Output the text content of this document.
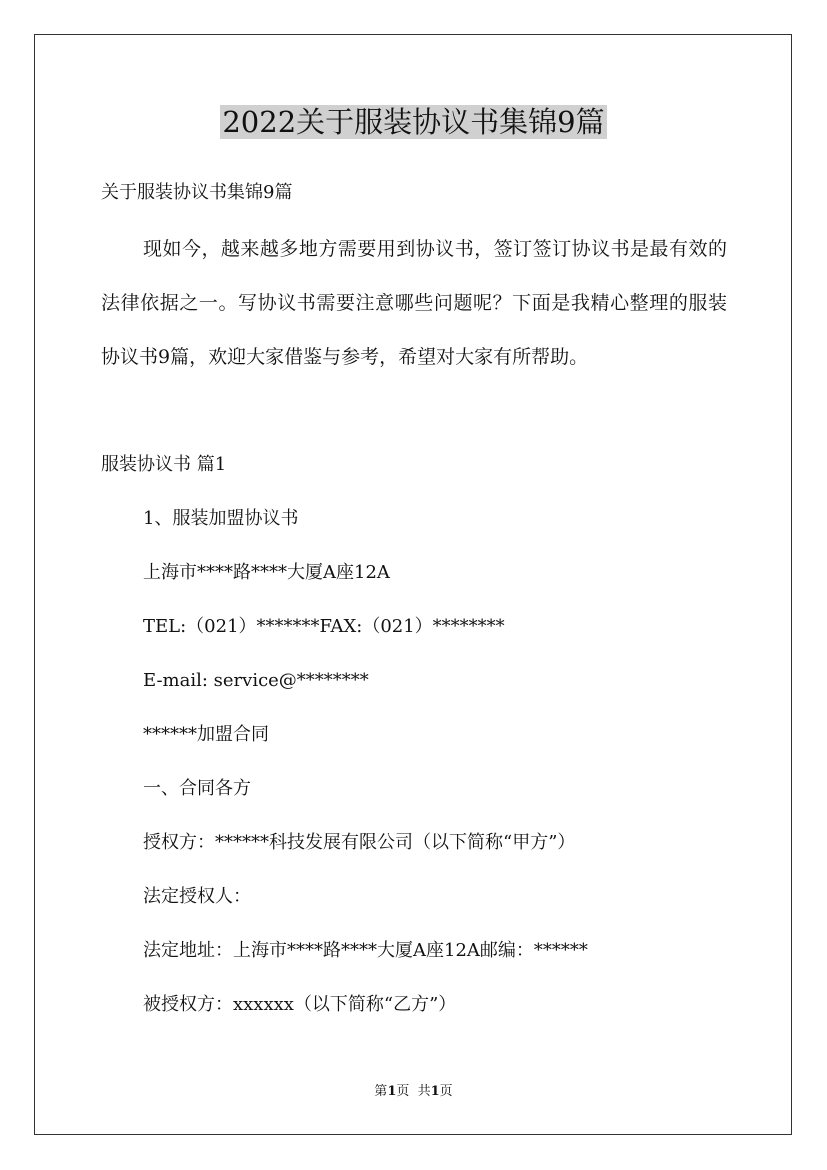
2022关于服装协议书集锦9篇
关于服装协议书集锦9篇
现如今，越来越多地方需要用到协议书，签订签订协议书是最有效的法律依据之一。写协议书需要注意哪些问题呢？下面是我精心整理的服装协议书9篇，欢迎大家借鉴与参考，希望对大家有所帮助。
服装协议书 篇1
1、服装加盟协议书
上海市****路****大厦A座12A
TEL:（021）*******FAX:（021）********
E-mail: service@********
******加盟合同
一、合同各方
授权方：******科技发展有限公司（以下简称“甲方”）
法定授权人：
法定地址：上海市****路****大厦A座12A邮编：******
被授权方：xxxxxx（以下简称“乙方”）
第1页  共1页
